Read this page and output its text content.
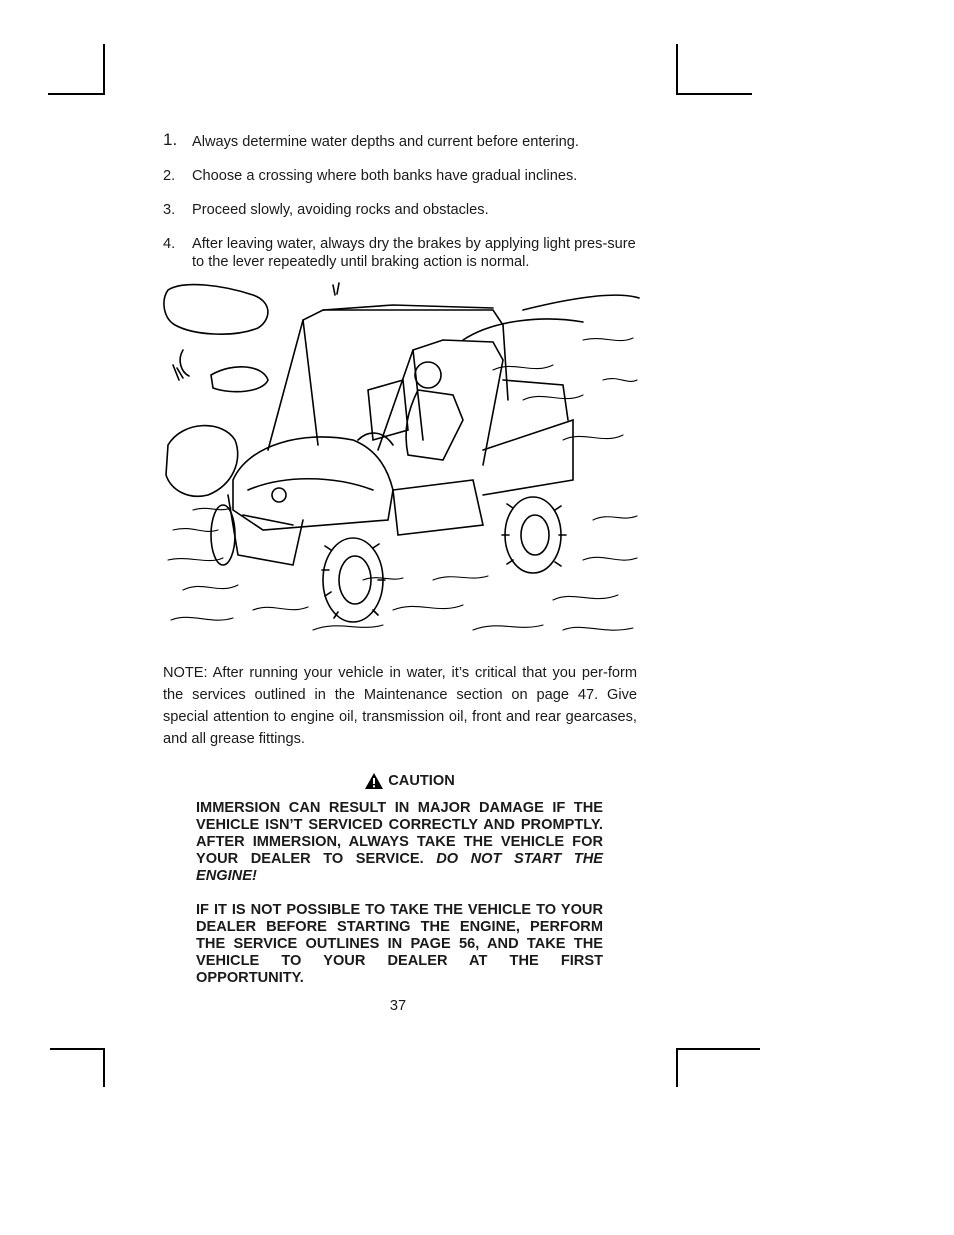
1. Always determine water depths and current before entering.
2. Choose a crossing where both banks have gradual inclines.
3. Proceed slowly, avoiding rocks and obstacles.
4. After leaving water, always dry the brakes by applying light pres-sure to the lever repeatedly until braking action is normal.

NOTE: After running your vehicle in water, it’s critical that you per-form the services outlined in the Maintenance section on page 47. Give special attention to engine oil, transmission oil, front and rear gearcases, and all grease fittings.

CAUTION

IMMERSION CAN RESULT IN MAJOR DAMAGE IF THE VEHICLE ISN’T SERVICED CORRECTLY AND PROMPTLY. AFTER IMMERSION, ALWAYS TAKE THE VEHICLE FOR YOUR DEALER TO SERVICE. DO NOT START THE ENGINE!

IF IT IS NOT POSSIBLE TO TAKE THE VEHICLE TO YOUR DEALER BEFORE STARTING THE ENGINE, PERFORM THE SERVICE OUTLINES IN PAGE 56, AND TAKE THE VEHICLE TO YOUR DEALER AT THE FIRST OPPORTUNITY.

37
